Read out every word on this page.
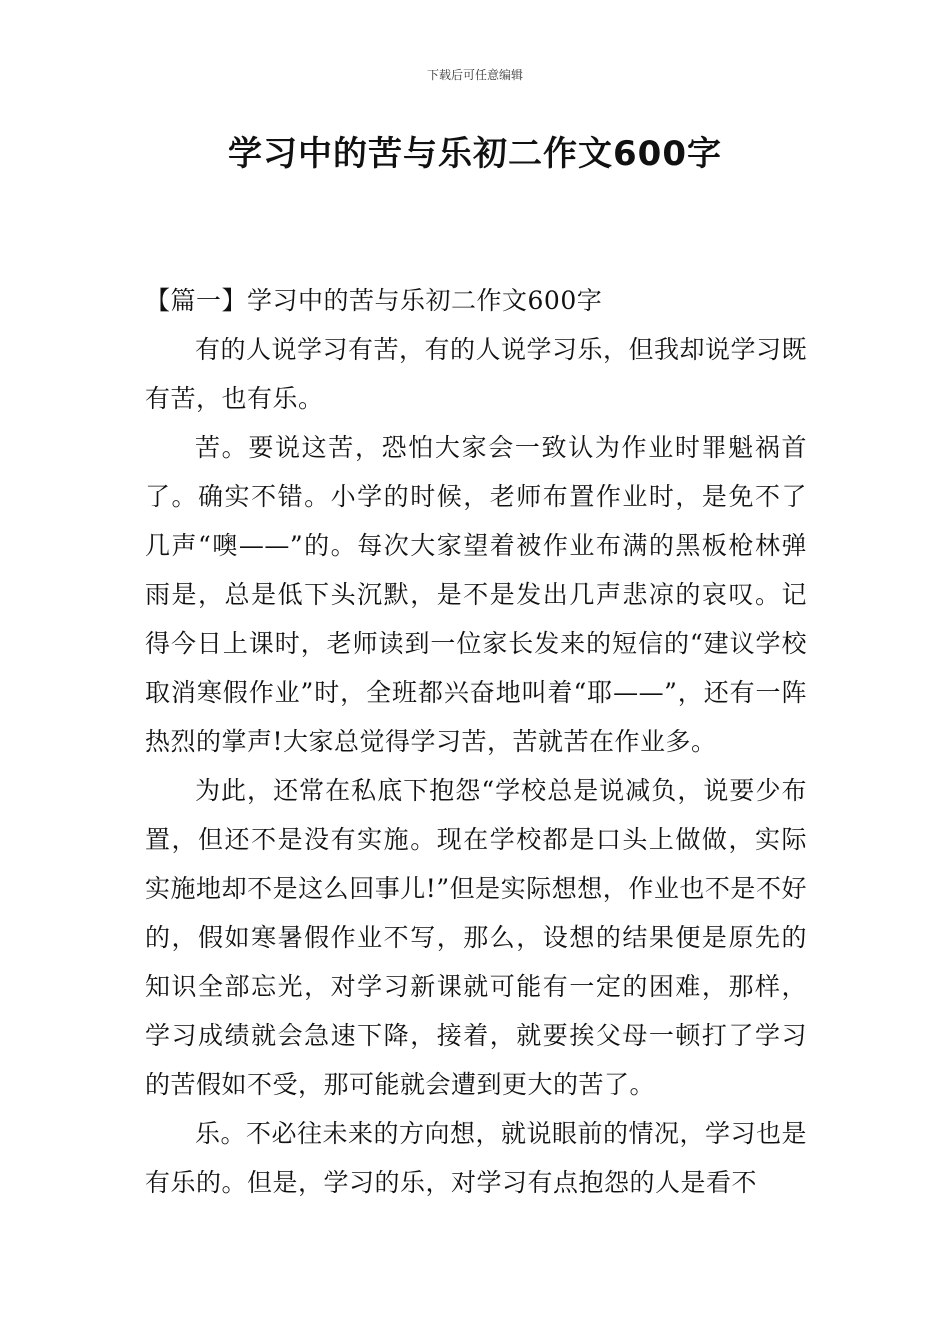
下载后可任意编辑
学习中的苦与乐初二作文600字

【篇一】学习中的苦与乐初二作文600字

有的人说学习有苦，有的人说学习乐，但我却说学习既有苦，也有乐。

苦。要说这苦，恐怕大家会一致认为作业时罪魁祸首了。确实不错。小学的时候，老师布置作业时，是免不了几声“噢——”的。每次大家望着被作业布满的黑板枪林弹雨是，总是低下头沉默，是不是发出几声悲凉的哀叹。记得今日上课时，老师读到一位家长发来的短信的“建议学校取消寒假作业”时，全班都兴奋地叫着“耶——”，还有一阵热烈的掌声!大家总觉得学习苦，苦就苦在作业多。

为此，还常在私底下抱怨“学校总是说减负，说要少布置，但还不是没有实施。现在学校都是口头上做做，实际实施地却不是这么回事儿!”但是实际想想，作业也不是不好的，假如寒暑假作业不写，那么，设想的结果便是原先的知识全部忘光，对学习新课就可能有一定的困难，那样，学习成绩就会急速下降，接着，就要挨父母一顿打了学习的苦假如不受，那可能就会遭到更大的苦了。

乐。不必往未来的方向想，就说眼前的情况，学习也是有乐的。但是，学习的乐，对学习有点抱怨的人是看不
